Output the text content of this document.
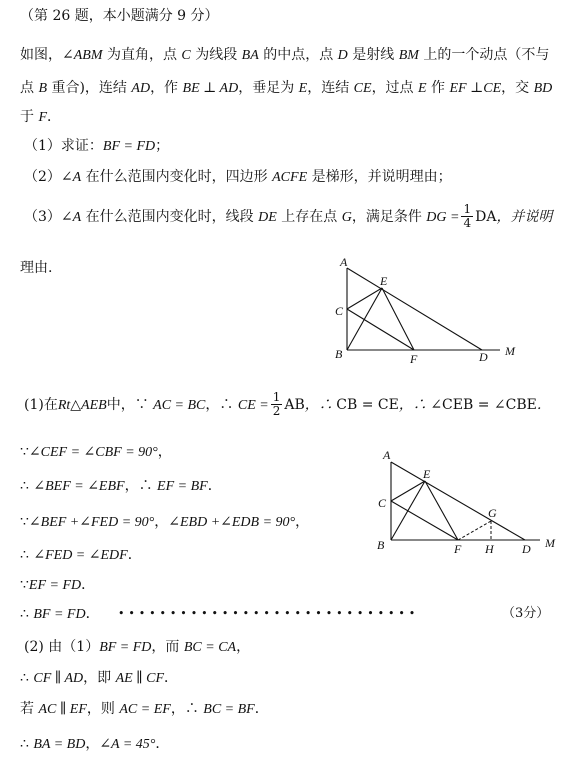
（第 26 题，本小题满分 9 分）
如图，∠ABM 为直角，点 C 为线段 BA 的中点，点 D 是射线 BM 上的一个动点（不与
点 B 重合)，连结 AD，作 BE ⊥ AD，垂足为 E，连结 CE，过点 E 作 EF ⊥CE，交 BD
于 F．
（1）求证：BF = FD；
（2）∠A 在什么范围内变化时，四边形 ACFE 是梯形，并说明理由；
（3）∠A 在什么范围内变化时，线段 DE 上存在点 G，满足条件 DG = $\frac{1}{4}$ DA，并说明
理由.	A
E
C
B	F	D M
(1)在Rt△AEB中，∵ AC = BC，∴ CE = $\frac{1}{2}$ AB，∴ CB = CE，∴ ∠CEB = ∠CBE．
A
E
C
G
B	F H D M
∵∠CEF = ∠CBF = 90°，
∴ ∠BEF = ∠EBF，∴ EF = BF．
∵∠BEF +∠FED = 90°，∠EBD +∠EDB = 90°，
∴ ∠FED = ∠EDF．
∵EF = FD．
∴ BF = FD． • • • • • • • • • • • • • • • • • • • • • • • • • • • • •	（3分）
(2) 由（1）BF = FD，而 BC = CA，
∴ CF ∥ AD，即 AE ∥ CF．
若 AC ∥ EF，则 AC = EF，∴ BC = BF．
∴ BA = BD，∠A = 45°．
